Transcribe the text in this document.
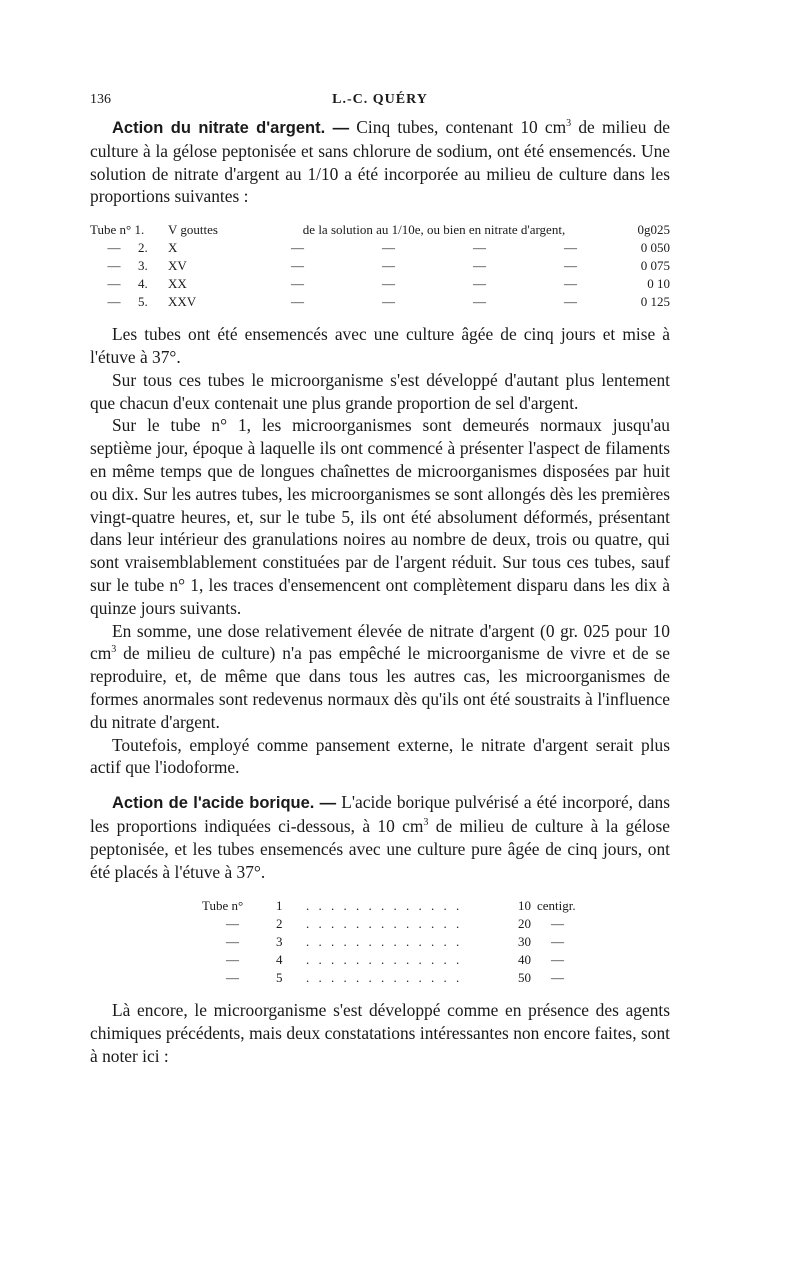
136	L.-C. QUÉRY

Action du nitrate d'argent. — Cinq tubes, contenant 10 $cm^3$ de milieu de culture à la gélose peptonisée et sans chlorure de sodium, ont été ensemencés. Une solution de nitrate d'argent au 1/10 a été incorporée au milieu de culture dans les proportions suivantes :

Tube n° 1.		V gouttes	de la solution au 1/10e, ou bien en nitrate d'argent,				0g025
—	2.	X	—	—	—	—	0 050
—	3.	XV	—	—	—	—	0 075
—	4.	XX	—	—	—	—	0 10
—	5.	XXV	—	—	—	—	0 125

Les tubes ont été ensemencés avec une culture âgée de cinq jours et mise à l'étuve à 37°.

Sur tous ces tubes le microorganisme s'est développé d'autant plus lentement que chacun d'eux contenait une plus grande proportion de sel d'argent.

Sur le tube n° 1, les microorganismes sont demeurés normaux jusqu'au septième jour, époque à laquelle ils ont commencé à présenter l'aspect de filaments en même temps que de longues chaînettes de microorganismes disposées par huit ou dix. Sur les autres tubes, les microorganismes se sont allongés dès les premières vingt-quatre heures, et, sur le tube 5, ils ont été absolument déformés, présentant dans leur intérieur des granulations noires au nombre de deux, trois ou quatre, qui sont vraisemblablement constituées par de l'argent réduit. Sur tous ces tubes, sauf sur le tube n° 1, les traces d'ensemencent ont complètement disparu dans les dix à quinze jours suivants.

En somme, une dose relativement élevée de nitrate d'argent (0 gr. 025 pour 10 $cm^3$ de milieu de culture) n'a pas empêché le microorganisme de vivre et de se reproduire, et, de même que dans tous les autres cas, les microorganismes de formes anormales sont redevenus normaux dès qu'ils ont été soustraits à l'influence du nitrate d'argent.

Toutefois, employé comme pansement externe, le nitrate d'argent serait plus actif que l'iodoforme.

Action de l'acide borique. — L'acide borique pulvérisé a été incorporé, dans les proportions indiquées ci-dessous, à 10 $cm^3$ de milieu de culture à la gélose peptonisée, et les tubes ensemencés avec une culture pure âgée de cinq jours, ont été placés à l'étuve à 37°.

Tube n°	1	. . . . . . . . . . . . .	10	centigr.
—	2	. . . . . . . . . . . . .	20	—
—	3	. . . . . . . . . . . . .	30	—
—	4	. . . . . . . . . . . . .	40	—
—	5	. . . . . . . . . . . . .	50	—

Là encore, le microorganisme s'est développé comme en présence des agents chimiques précédents, mais deux constatations intéressantes non encore faites, sont à noter ici :
